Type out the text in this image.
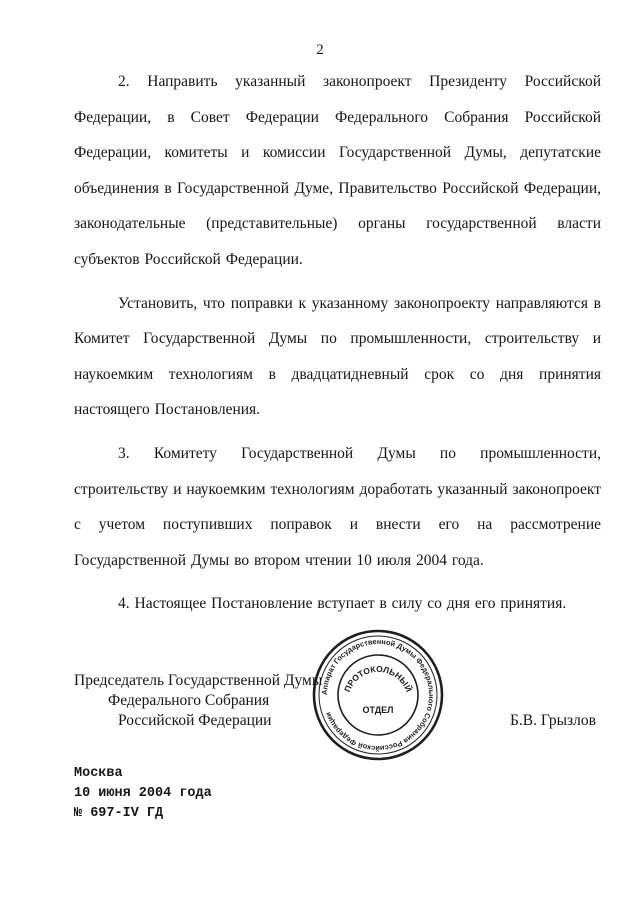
2

2. Направить указанный законопроект Президенту Российской Федерации, в Совет Федерации Федерального Собрания Российской Федерации, комитеты и комиссии Государственной Думы, депутатские объединения в Государственной Думе, Правительство Российской Федерации, законодательные (представительные) органы государственной власти субъектов Российской Федерации.

Установить, что поправки к указанному законопроекту направляются в Комитет Государственной Думы по промышленности, строительству и наукоемким технологиям в двадцатидневный срок со дня принятия настоящего Постановления.

3. Комитету Государственной Думы по промышленности, строительству и наукоемким технологиям доработать указанный законопроект с учетом поступивших поправок и внести его на рассмотрение Государственной Думы во втором чтении 10 июля 2004 года.

4. Настоящее Постановление вступает в силу со дня его принятия.

Аппарат Государственной Думы Федерального Собрания Российской Федерации
ПРОТОКОЛЬНЫЙ
ОТДЕЛ
Председатель Государственной Думы
Федерального Собрания
Российской Федерации	Б.В. Грызлов
Москва
10 июня 2004 года
№ 697-IV ГД
